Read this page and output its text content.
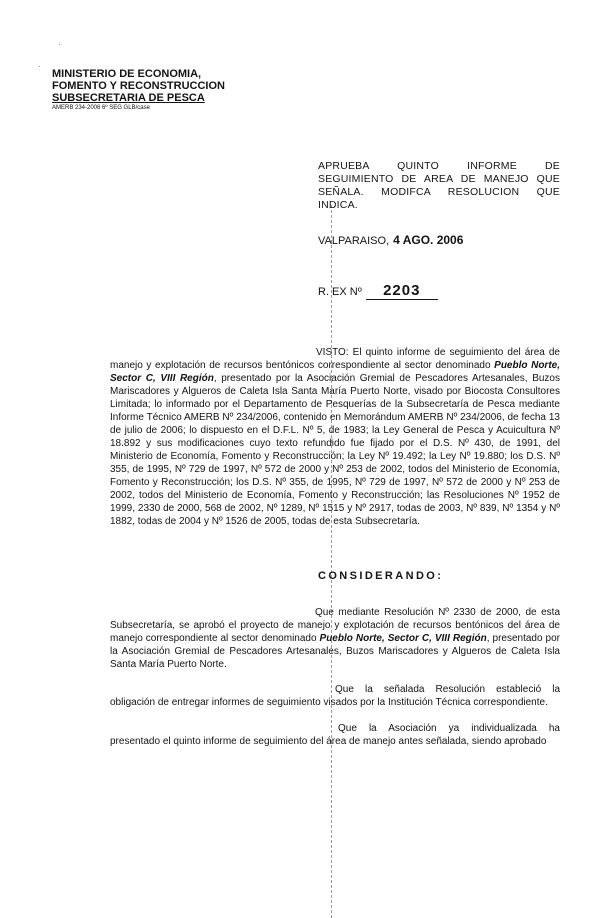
·
·
MINISTERIO DE ECONOMIA,
FOMENTO Y RECONSTRUCCION
SUBSECRETARIA DE PESCA
AMERB 234-2006 6º SEG GLB/case
APRUEBA QUINTO INFORME DE SEGUIMIENTO DE AREA DE MANEJO QUE SEÑALA. MODIFCA RESOLUCION QUE INDICA.
VALPARAISO, 4 AGO. 2006
R. EX Nº 2203
VISTO: El quinto informe de seguimiento del área de manejo y explotación de recursos bentónicos correspondiente al sector denominado Pueblo Norte, Sector C, VIII Región, presentado por la Asociación Gremial de Pescadores Artesanales, Buzos Mariscadores y Algueros de Caleta Isla Santa María Puerto Norte, visado por Biocosta Consultores Limitada; lo informado por el Departamento de Pesquerías de la Subsecretaría de Pesca mediante Informe Técnico AMERB Nº 234/2006, contenido en Memorándum AMERB Nº 234/2006, de fecha 13 de julio de 2006; lo dispuesto en el D.F.L. Nº 5, de 1983; la Ley General de Pesca y Acuicultura Nº 18.892 y sus modificaciones cuyo texto refundido fue fijado por el D.S. Nº 430, de 1991, del Ministerio de Economía, Fomento y Reconstrucción; la Ley Nº 19.492; la Ley Nº 19.880; los D.S. Nº 355, de 1995, Nº 729 de 1997, Nº 572 de 2000 y Nº 253 de 2002, todos del Ministerio de Economía, Fomento y Reconstrucción; los D.S. Nº 355, de 1995, Nº 729 de 1997, Nº 572 de 2000 y Nº 253 de 2002, todos del Ministerio de Economía, Fomento y Reconstrucción; las Resoluciones Nº 1952 de 1999, 2330 de 2000, 568 de 2002, Nº 1289, Nº 1515 y Nº 2917, todas de 2003, Nº 839, Nº 1354 y Nº 1882, todas de 2004 y Nº 1526 de 2005, todas de esta Subsecretaría.
CONSIDERANDO:
Que mediante Resolución Nº 2330 de 2000, de esta Subsecretaría, se aprobó el proyecto de manejo y explotación de recursos bentónicos del área de manejo correspondiente al sector denominado Pueblo Norte, Sector C, VIII Región, presentado por la Asociación Gremial de Pescadores Artesanales, Buzos Mariscadores y Algueros de Caleta Isla Santa María Puerto Norte.
Que la señalada Resolución estableció la obligación de entregar informes de seguimiento visados por la Institución Técnica correspondiente.
Que la Asociación ya individualizada ha presentado el quinto informe de seguimiento del área de manejo antes señalada, siendo aprobado
